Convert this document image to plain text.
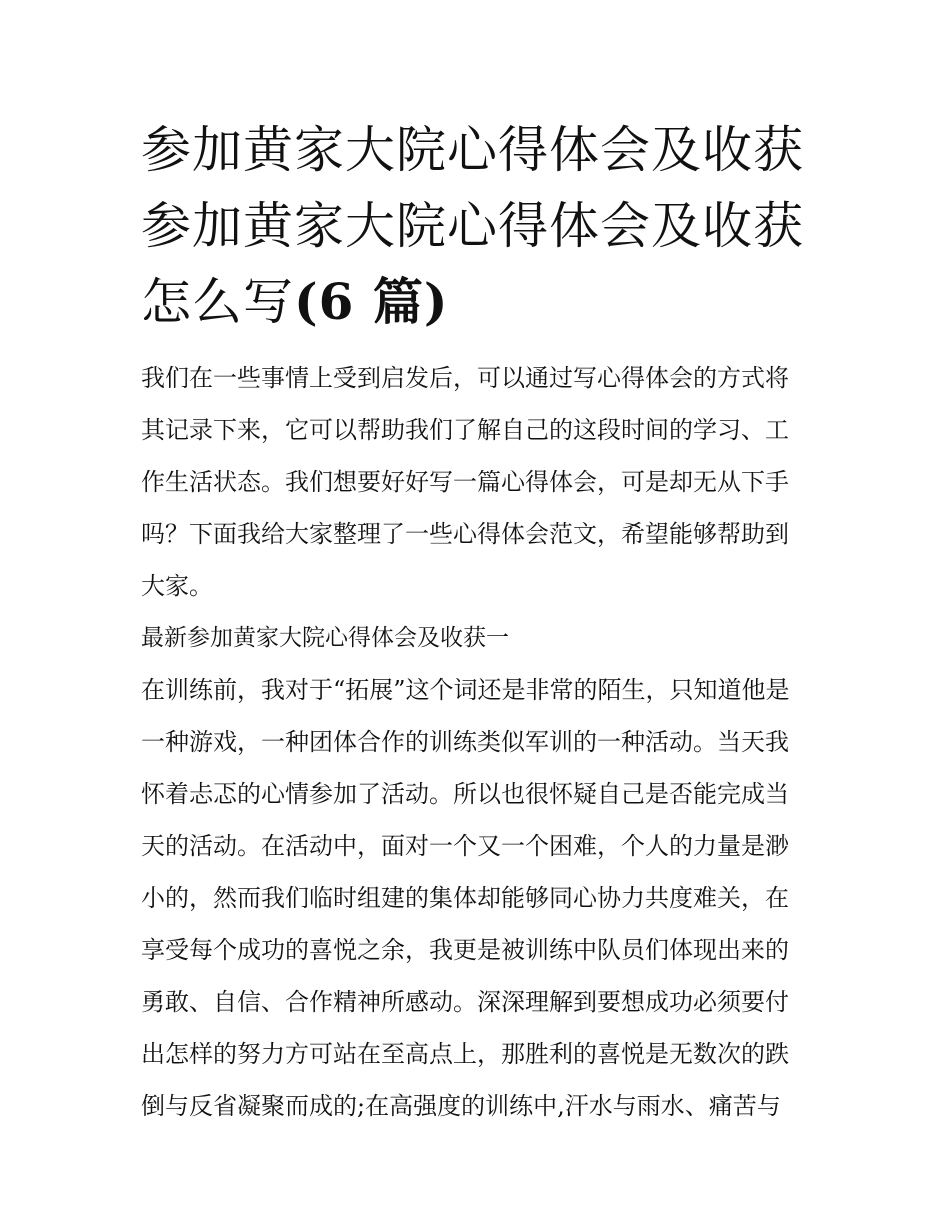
参加黄家大院心得体会及收获
参加黄家大院心得体会及收获
怎么写(6 篇)
我们在一些事情上受到启发后，可以通过写心得体会的方式将
其记录下来，它可以帮助我们了解自己的这段时间的学习、工
作生活状态。我们想要好好写一篇心得体会，可是却无从下手
吗？下面我给大家整理了一些心得体会范文，希望能够帮助到
大家。
最新参加黄家大院心得体会及收获一
在训练前，我对于“拓展”这个词还是非常的陌生，只知道他是
一种游戏，一种团体合作的训练类似军训的一种活动。当天我
怀着忐忑的心情参加了活动。所以也很怀疑自己是否能完成当
天的活动。在活动中，面对一个又一个困难，个人的力量是渺
小的，然而我们临时组建的集体却能够同心协力共度难关，在
享受每个成功的喜悦之余，我更是被训练中队员们体现出来的
勇敢、自信、合作精神所感动。深深理解到要想成功必须要付
出怎样的努力方可站在至高点上，那胜利的喜悦是无数次的跌
倒与反省凝聚而成的;在高强度的训练中,汗水与雨水、痛苦与
